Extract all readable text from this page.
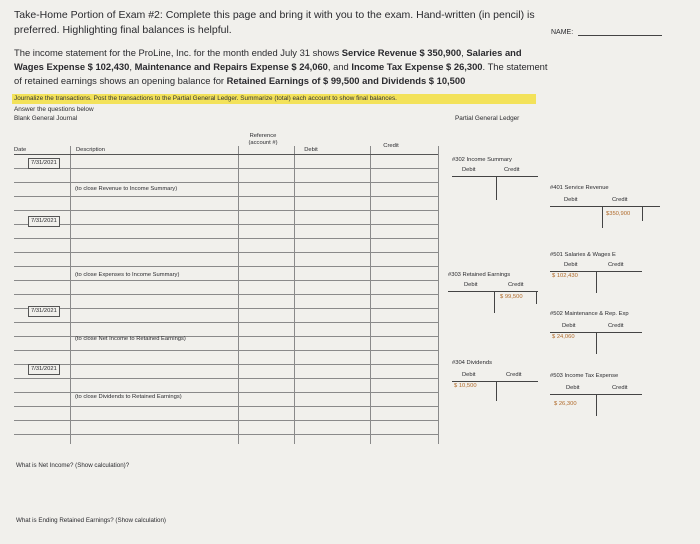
Take-Home Portion of Exam #2: Complete this page and bring it with you to the exam. Hand-written (in pencil) is
preferred. Highlighting final balances is helpful.
The income statement for the ProLine, Inc. for the month ended July 31 shows Service Revenue $ 350,900, Salaries and Wages Expense $ 102,430, Maintenance and Repairs Expense $ 24,060, and Income Tax Expense $ 26,300. The statement of retained earnings shows an opening balance for Retained Earnings of $ 99,500 and Dividends $ 10,500
Journalize the transactions. Post the transactions to the Partial General Ledger. Summarize (total) each account to show final balances.
Answer the questions below
Blank General Journal	Partial General Ledger
NAME:
Date	Description
Reference (account #)
Debit
Credit
7/31/2021
(to close Revenue to Income Summary)
7/31/2021
(to close Expenses to Income Summary)
7/31/2021
(to close Net Income to Retained Earnings)
7/31/2021
(to close Dividends to Retained Earnings)
#302 Income Summary
Debit	Credit
#303 Retained Earnings
Debit	Credit
$ 99,500
#304 Dividends
Debit	Credit
$ 10,500
#401 Service Revenue
Debit	Credit
$350,900
#501 Salaries & Wages E
Debit	Credit
$ 102,430
#502 Maintenance & Rep. Exp
Debit	Credit
$ 24,060
#503 Income Tax Expense
Debit	Credit
$ 26,300
What is Net Income? (Show calculation)?
What is Ending Retained Earnings? (Show calculation)
